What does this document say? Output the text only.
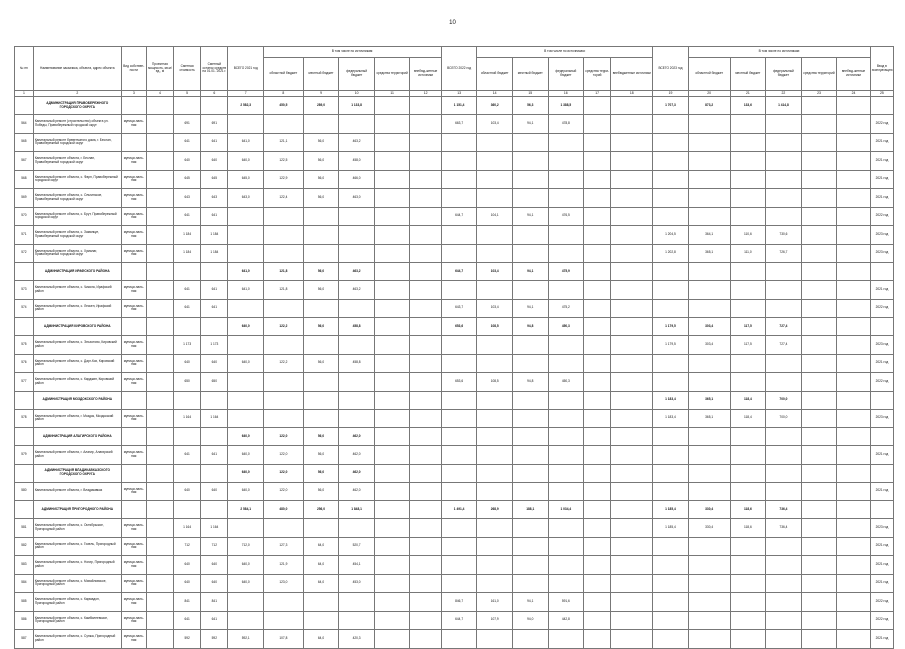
10
№ пп	Наименование заказчика, объекта, адрес объекта	Вид собствен-ности	Проектная мощность, кв.м/ед., м	Сметная стоимость	Сметный остаток средств на 01.01. 2021 г.	ВСЕГО 2021 год	В том числе по источникам:					ВСЕГО 2022 год	В том числе по источникам:					ВСЕГО 2023 год	В том числе по источникам:					Ввод в эксплуатацию
							областной бюджет	местный бюджет	федеральный бюджет	средства территорий	внебюд-жетные источники		областной бюджет	местный бюджет	федеральный бюджет	средства терри-торий	внебюджетные источники		областной бюджет	местный бюджет	федеральный бюджет	средства территорий	внебюд-жетные источники	
1	2	3	4	5	6	7	8	9	10	11	12	13	14	15	16	17	18	19	20	21	22	23	24	25
	АДМИНИСТРАЦИЯ ПРАВОБЕРЕЖНОГО ГОРОДСКОГО ОКРУГА					2 582,3	450,5	289,0	1 133,8			1 151,4	360,2	56,3	1 388,5			1 707,3	873,2	133,6	1 414,8			
564	Капитальный ремонт (строительство) объекта ул. Победы, Правобережный городской округ	муници-паль-ная		691	691							663,7	103,4	94,1	478,8									2022 год
565	Капитальный ремонт бревенчатого дома, г. Беслан, Правобережный городской округ			641	641	641,0	121,1	56,0	463,2															2021 год
567	Капитальный ремонт объекта, г. Беслан, Правобережный городской округ	муници-паль-ная		640	640	640,0	122,5	56,0	458,0															2021 год
568	Капитальный ремонт объекта, с. Фарн, Правобережный городской округ	муници-паль-ная		645	645	645,0	122,9	56,0	466,0															2021 год
569	Капитальный ремонт объекта, с. Ольгинское, Правобережный городской округ	муници-паль-ная		643	643	643,0	122,4	56,0	463,0															2021 год
570	Капитальный ремонт объекта, с. Брут, Правобережный городской округ	муници-паль-ная		641	641							644,7	104,1	94,1	476,5									2022 год
571	Капитальный ремонт объекта, с. Заманкул, Правобережный городской округ	муници-паль-ная		1 184	1 184													1 204,5	364,1	110,6	730,6			2023 год
572	Капитальный ремонт объекта, с. Хумалаг, Правобережный городской округ	муници-паль-ная		1 184	1 184													1 202,8	365,1	111,0	726,7			2023 год
	АДМИНИСТРАЦИЯ ИРАФСКОГО РАЙОНА					641,0	121,8	56,0	463,2			644,7	103,4	94,1	475,9									
573	Капитальный ремонт объекта, с. Чикола, Ирафский район	муници-паль-ная		641	641	641,0	121,8	56,0	463,2															2021 год
574	Капитальный ремонт объекта, с. Лескен, Ирафский район	муници-паль-ная		641	641							643,7	103,4	94,1	475,2									2022 год
	АДМИНИСТРАЦИЯ КИРОВСКОГО РАЙОНА					640,0	122,2	56,0	458,8			653,6	108,5	94,8	450,3			1 179,5	303,4	117,5	727,4			
575	Капитальный ремонт объекта, с. Эльхотово, Кировский район	муници-паль-ная		1 173	1 173													1 179,5	303,4	117,5	727,4			2023 год
576	Капитальный ремонт объекта, с. Дарг-Кох, Кировский район	муници-паль-ная		640	640	640,0	122,2	56,0	458,8															2021 год
577	Капитальный ремонт объекта, с. Карджин, Кировский район	муници-паль-ная		650	650							653,6	108,5	94,8	450,3									2022 год
	АДМИНИСТРАЦИЯ МОЗДОКСКОГО РАЙОНА																	1 183,4	365,1	118,4	700,0			
578	Капитальный ремонт объекта, г. Моздок, Моздокский район	муници-паль-ная		1 164	1 164													1 183,4	365,1	118,4	700,0			2023 год
	АДМИНИСТРАЦИЯ АЛАГИРСКОГО РАЙОНА					640,0	122,0	56,0	462,0															
579	Капитальный ремонт объекта, г. Алагир, Алагирский район	муници-паль-ная		641	641	640,0	122,0	56,0	462,0															2021 год
	АДМИНИСТРАЦИЯ ВЛАДИКАВКАЗСКОГО ГОРОДСКОГО ОКРУГА					640,0	122,0	56,0	462,0															
580	Капитальный ремонт объекта, г. Владикавказ	муници-паль-ная		640	640	640,0	122,0	56,0	462,0															2021 год
	АДМИНИСТРАЦИЯ ПРИГОРОДНОГО РАЙОНА					2 584,1	480,0	256,0	1 848,1			1 491,4	268,9	188,1	1 034,4			1 185,4	330,4	118,6	736,4			
581	Капитальный ремонт объекта, с. Октябрьское, Пригородный район	муници-паль-ная		1 164	1 164													1 185,4	330,4	118,6	736,4			2023 год
582	Капитальный ремонт объекта, с. Гизель, Пригородный район	муници-паль-ная		712	712	712,0	127,3	64,0	520,7															2021 год
583	Капитальный ремонт объекта, с. Ногир, Пригородный район	муници-паль-ная		640	640	640,0	121,9	64,0	454,1															2021 год
584	Капитальный ремонт объекта, с. Михайловское, Пригородный район	муници-паль-ная		640	640	640,0	123,0	64,0	453,0															2021 год
585	Капитальный ремонт объекта, с. Кармадон, Пригородный район	муници-паль-ная		841	841							846,7	161,0	94,1	591,6									2022 год
586	Капитальный ремонт объекта, с. Камбилеевское, Пригородный район	муници-паль-ная		641	641							644,7	107,9	94,0	442,8									2022 год
587	Капитальный ремонт объекта, с. Сунжа, Пригородный район	муници-паль-ная		592	592	592,1	107,8	64,0	420,3															2021 год
